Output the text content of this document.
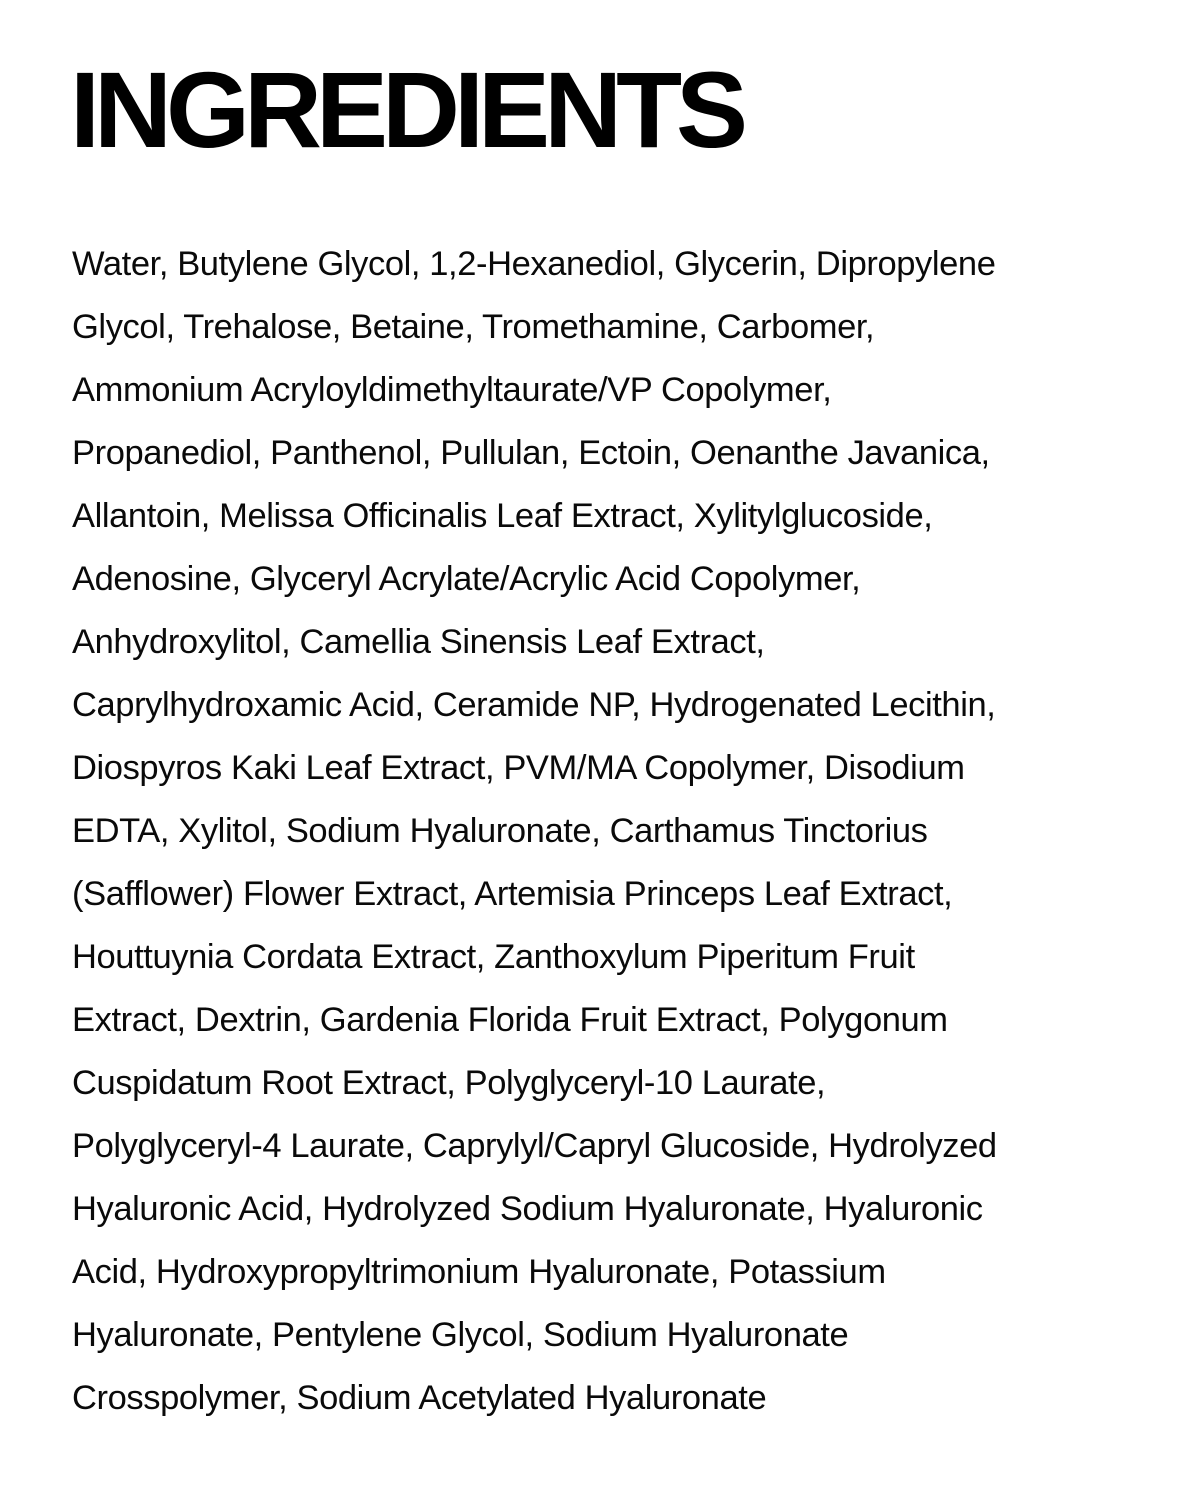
INGREDIENTS
Water, Butylene Glycol, 1,2-Hexanediol, Glycerin, Dipropylene
Glycol, Trehalose, Betaine, Tromethamine, Carbomer,
Ammonium Acryloyldimethyltaurate/VP Copolymer,
Propanediol, Panthenol, Pullulan, Ectoin, Oenanthe Javanica,
Allantoin, Melissa Officinalis Leaf Extract, Xylitylglucoside,
Adenosine, Glyceryl Acrylate/Acrylic Acid Copolymer,
Anhydroxylitol, Camellia Sinensis Leaf Extract,
Caprylhydroxamic Acid, Ceramide NP, Hydrogenated Lecithin,
Diospyros Kaki Leaf Extract, PVM/MA Copolymer, Disodium
EDTA, Xylitol, Sodium Hyaluronate, Carthamus Tinctorius
(Safflower) Flower Extract, Artemisia Princeps Leaf Extract,
Houttuynia Cordata Extract, Zanthoxylum Piperitum Fruit
Extract, Dextrin, Gardenia Florida Fruit Extract, Polygonum
Cuspidatum Root Extract, Polyglyceryl-10 Laurate,
Polyglyceryl-4 Laurate, Caprylyl/Capryl Glucoside, Hydrolyzed
Hyaluronic Acid, Hydrolyzed Sodium Hyaluronate, Hyaluronic
Acid, Hydroxypropyltrimonium Hyaluronate, Potassium
Hyaluronate, Pentylene Glycol, Sodium Hyaluronate
Crosspolymer, Sodium Acetylated Hyaluronate
